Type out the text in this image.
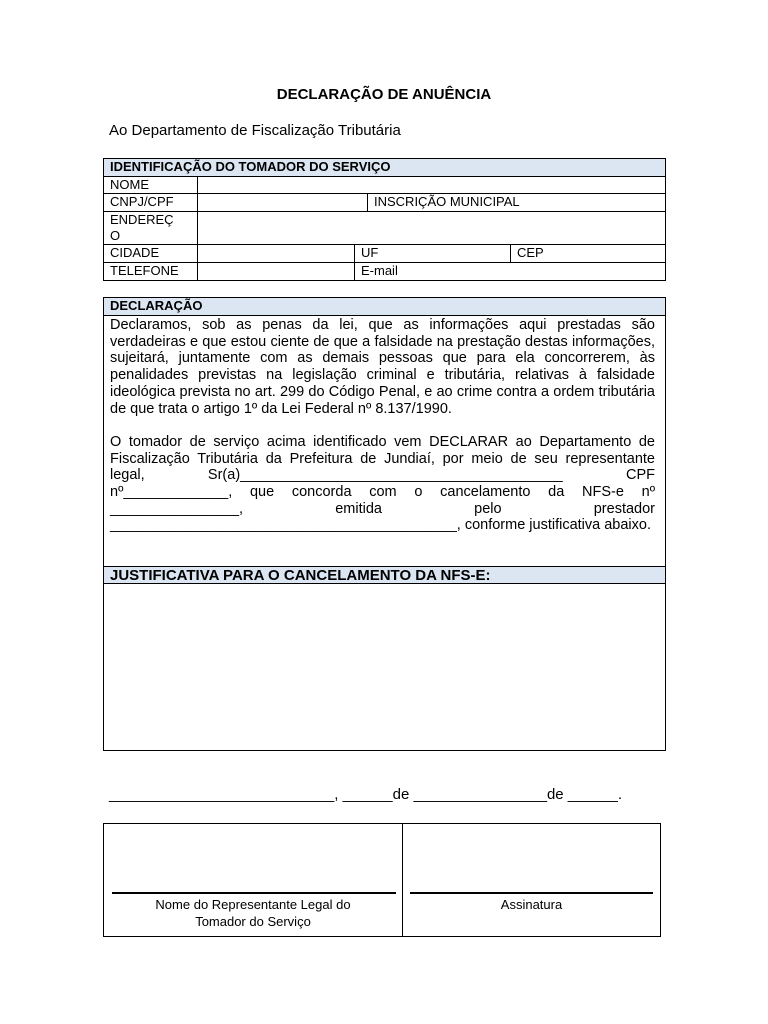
DECLARAÇÃO DE ANUÊNCIA
Ao Departamento de Fiscalização Tributária
IDENTIFICAÇÃO DO TOMADOR DO SERVIÇO
NOME
CNPJ/CPF	INSCRIÇÃO MUNICIPAL
ENDEREÇ
O
CIDADE	UF	CEP
TELEFONE	E-mail
DECLARAÇÃO

Declaramos, sob as penas da lei, que as informações aqui prestadas são verdadeiras e que estou ciente de que a falsidade na prestação destas informações, sujeitará, juntamente com as demais pessoas que para ela concorrerem, às penalidades previstas na legislação criminal e tributária, relativas à falsidade ideológica prevista no art. 299 do Código Penal, e ao crime contra a ordem tributária de que trata o artigo 1º da Lei Federal nº 8.137/1990.

O tomador de serviço acima identificado vem DECLARAR ao Departamento de Fiscalização Tributária da Prefeitura de Jundiaí, por meio de seu representante legal, Sr(a)________________________________________ CPF nº_____________, que concorda com o cancelamento da NFS-e nº ________________, emitida pelo prestador ___________________________________________, conforme justificativa abaixo.

JUSTIFICATIVA PARA O CANCELAMENTO DA NFS-E:
___________________________, ______de ________________de ______.
Nome do Representante Legal do
Tomador do Serviço
Assinatura
